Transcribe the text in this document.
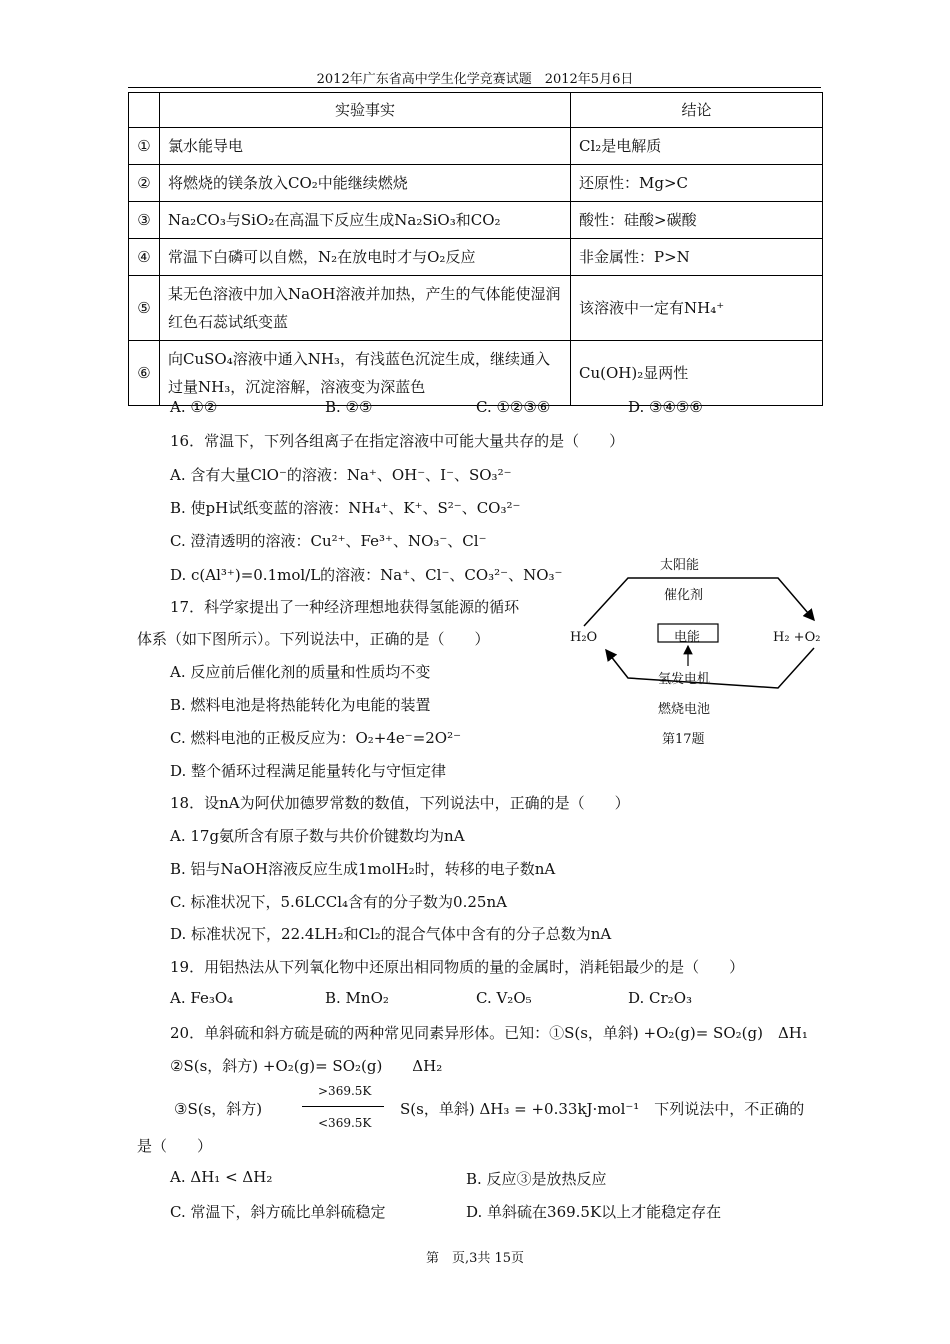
2012年广东省高中学生化学竞赛试题　2012年5月6日
	实验事实	结论
①	氯水能导电	Cl₂是电解质
②	将燃烧的镁条放入CO₂中能继续燃烧	还原性：Mg>C
③	Na₂CO₃与SiO₂在高温下反应生成Na₂SiO₃和CO₂	酸性：硅酸>碳酸
④	常温下白磷可以自燃，N₂在放电时才与O₂反应	非金属性：P>N
⑤	某无色溶液中加入NaOH溶液并加热，产生的气体能使湿润红色石蕊试纸变蓝	该溶液中一定有NH₄⁺
⑥	向CuSO₄溶液中通入NH₃，有浅蓝色沉淀生成，继续通入过量NH₃，沉淀溶解，溶液变为深蓝色	Cu(OH)₂显两性
A. ①②	B. ②⑤	C. ①②③⑥	D. ③④⑤⑥
16．常温下，下列各组离子在指定溶液中可能大量共存的是（　　）
A. 含有大量ClO⁻的溶液：Na⁺、OH⁻、I⁻、SO₃²⁻
B. 使pH试纸变蓝的溶液：NH₄⁺、K⁺、S²⁻、CO₃²⁻
C. 澄清透明的溶液：Cu²⁺、Fe³⁺、NO₃⁻、Cl⁻
D. c(Al³⁺)=0.1mol/L的溶液：Na⁺、Cl⁻、CO₃²⁻、NO₃⁻
17．科学家提出了一种经济理想地获得氢能源的循环
体系（如下图所示）。下列说法中，正确的是（　　）
A. 反应前后催化剂的质量和性质均不变
B. 燃料电池是将热能转化为电能的装置
C. 燃料电池的正极反应为：O₂+4e⁻=2O²⁻
D. 整个循环过程满足能量转化与守恒定律
太阳能
催化剂
H₂O	H₂ +O₂
电能
氢发电机
燃烧电池
第17题
18．设nA为阿伏加德罗常数的数值，下列说法中，正确的是（　　）
A. 17g氨所含有原子数与共价价键数均为nA
B. 铝与NaOH溶液反应生成1molH₂时，转移的电子数nA
C. 标准状况下，5.6LCCl₄含有的分子数为0.25nA
D. 标准状况下，22.4LH₂和Cl₂的混合气体中含有的分子总数为nA
19．用铝热法从下列氧化物中还原出相同物质的量的金属时，消耗铝最少的是（　　）
A. Fe₃O₄	B. MnO₂	C. V₂O₅	D. Cr₂O₃
20．单斜硫和斜方硫是硫的两种常见同素异形体。已知：①S(s，单斜) +O₂(g)= SO₂(g)　ΔH₁
②S(s，斜方) +O₂(g)= SO₂(g)　　ΔH₂
③S(s，斜方)
>369.5K
<369.5K
S(s，单斜) ΔH₃ = +0.33kJ·mol⁻¹　下列说法中，不正确的
是（　　）
A. ΔH₁ < ΔH₂	B. 反应③是放热反应
C. 常温下，斜方硫比单斜硫稳定	D. 单斜硫在369.5K以上才能稳定存在
第　页,3共 15页
